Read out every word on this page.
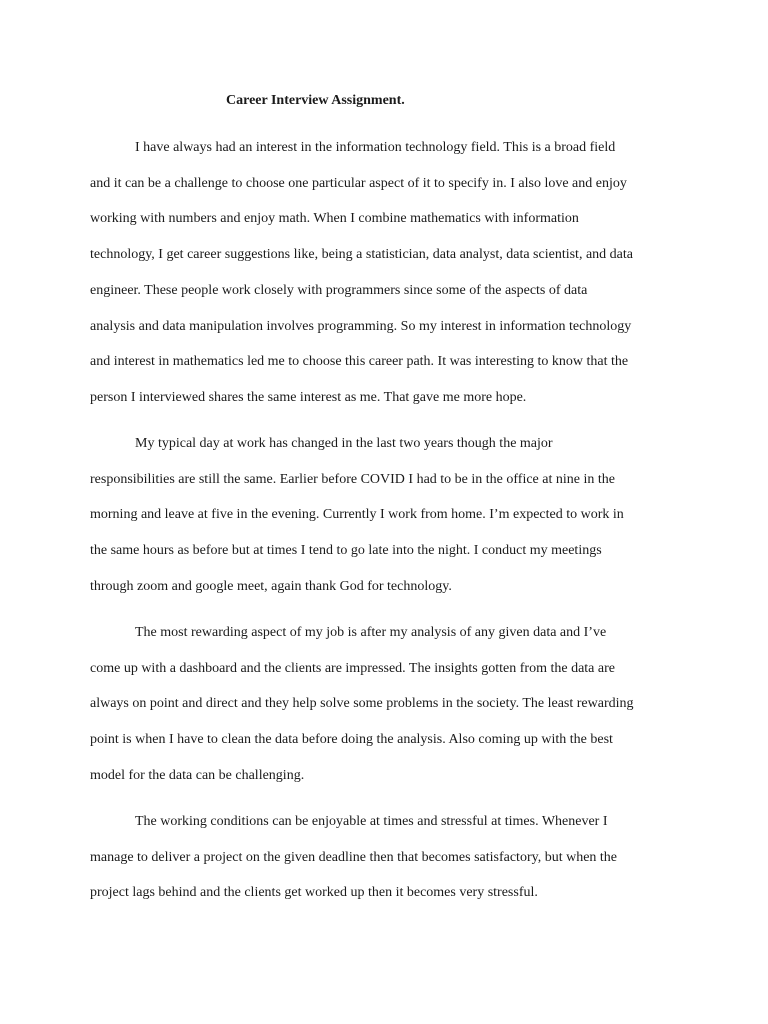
Career Interview Assignment.
I have always had an interest in the information technology field. This is a broad field
and it can be a challenge to choose one particular aspect of it to specify in. I also love and enjoy
working with numbers and enjoy math. When I combine mathematics with information
technology, I get career suggestions like, being a statistician, data analyst, data scientist, and data
engineer. These people work closely with programmers since some of the aspects of data
analysis and data manipulation involves programming. So my interest in information technology
and interest in mathematics led me to choose this career path. It was interesting to know that the
person I interviewed shares the same interest as me. That gave me more hope.
My typical day at work has changed in the last two years though the major
responsibilities are still the same. Earlier before COVID I had to be in the office at nine in the
morning and leave at five in the evening. Currently I work from home. I’m expected to work in
the same hours as before but at times I tend to go late into the night. I conduct my meetings
through zoom and google meet, again thank God for technology.
The most rewarding aspect of my job is after my analysis of any given data and I’ve
come up with a dashboard and the clients are impressed. The insights gotten from the data are
always on point and direct and they help solve some problems in the society. The least rewarding
point is when I have to clean the data before doing the analysis. Also coming up with the best
model for the data can be challenging.
The working conditions can be enjoyable at times and stressful at times. Whenever I
manage to deliver a project on the given deadline then that becomes satisfactory, but when the
project lags behind and the clients get worked up then it becomes very stressful.
